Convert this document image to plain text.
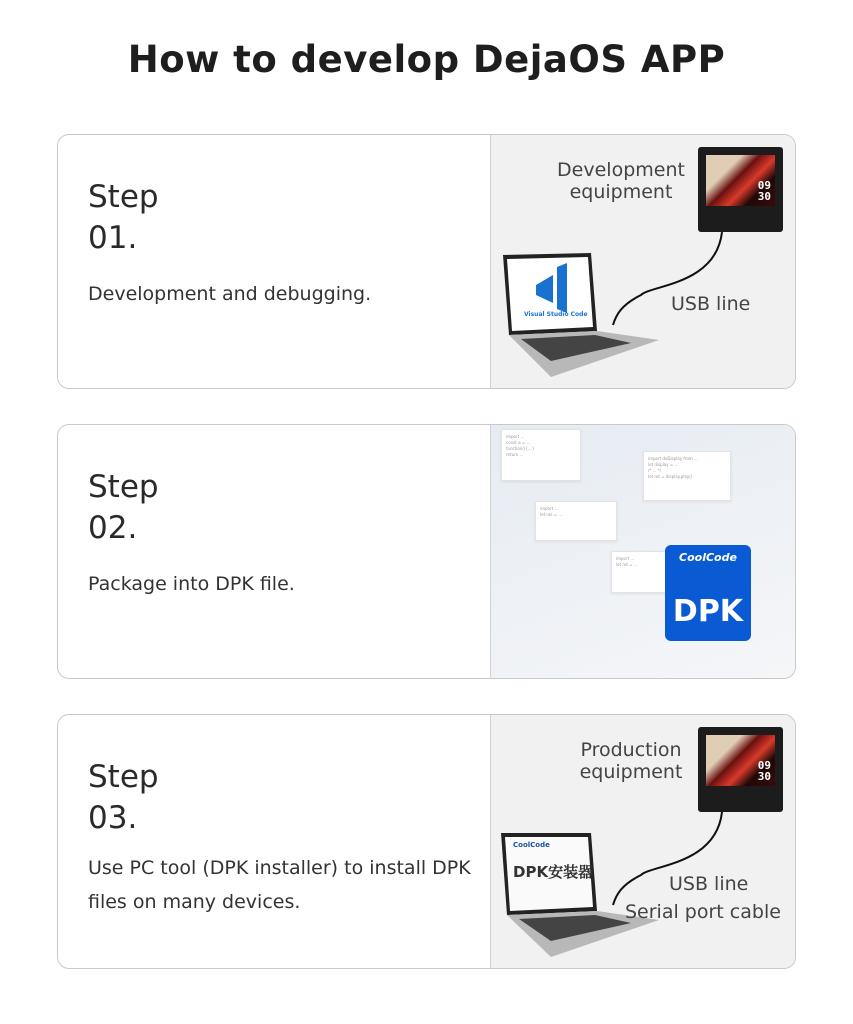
How to develop DejaOS APP
Step
01.
Development and debugging.
Development
equipment	09
30
Visual Studio Code	USB line
Step
02.
Package into DPK file.
import ...
const a = ...
function(){...}
return ...
import dxDisplay from ...
let display = ...
/* ... */
let ret = display.play()
import ...
let res = ...
import ...
let ret = ...
CoolCode
DPK
Step
03.
Use PC tool (DPK installer) to install DPK files on many devices.
Production
equipment	09
30
CoolCode
DPK安装器
USB line
Serial port cable
